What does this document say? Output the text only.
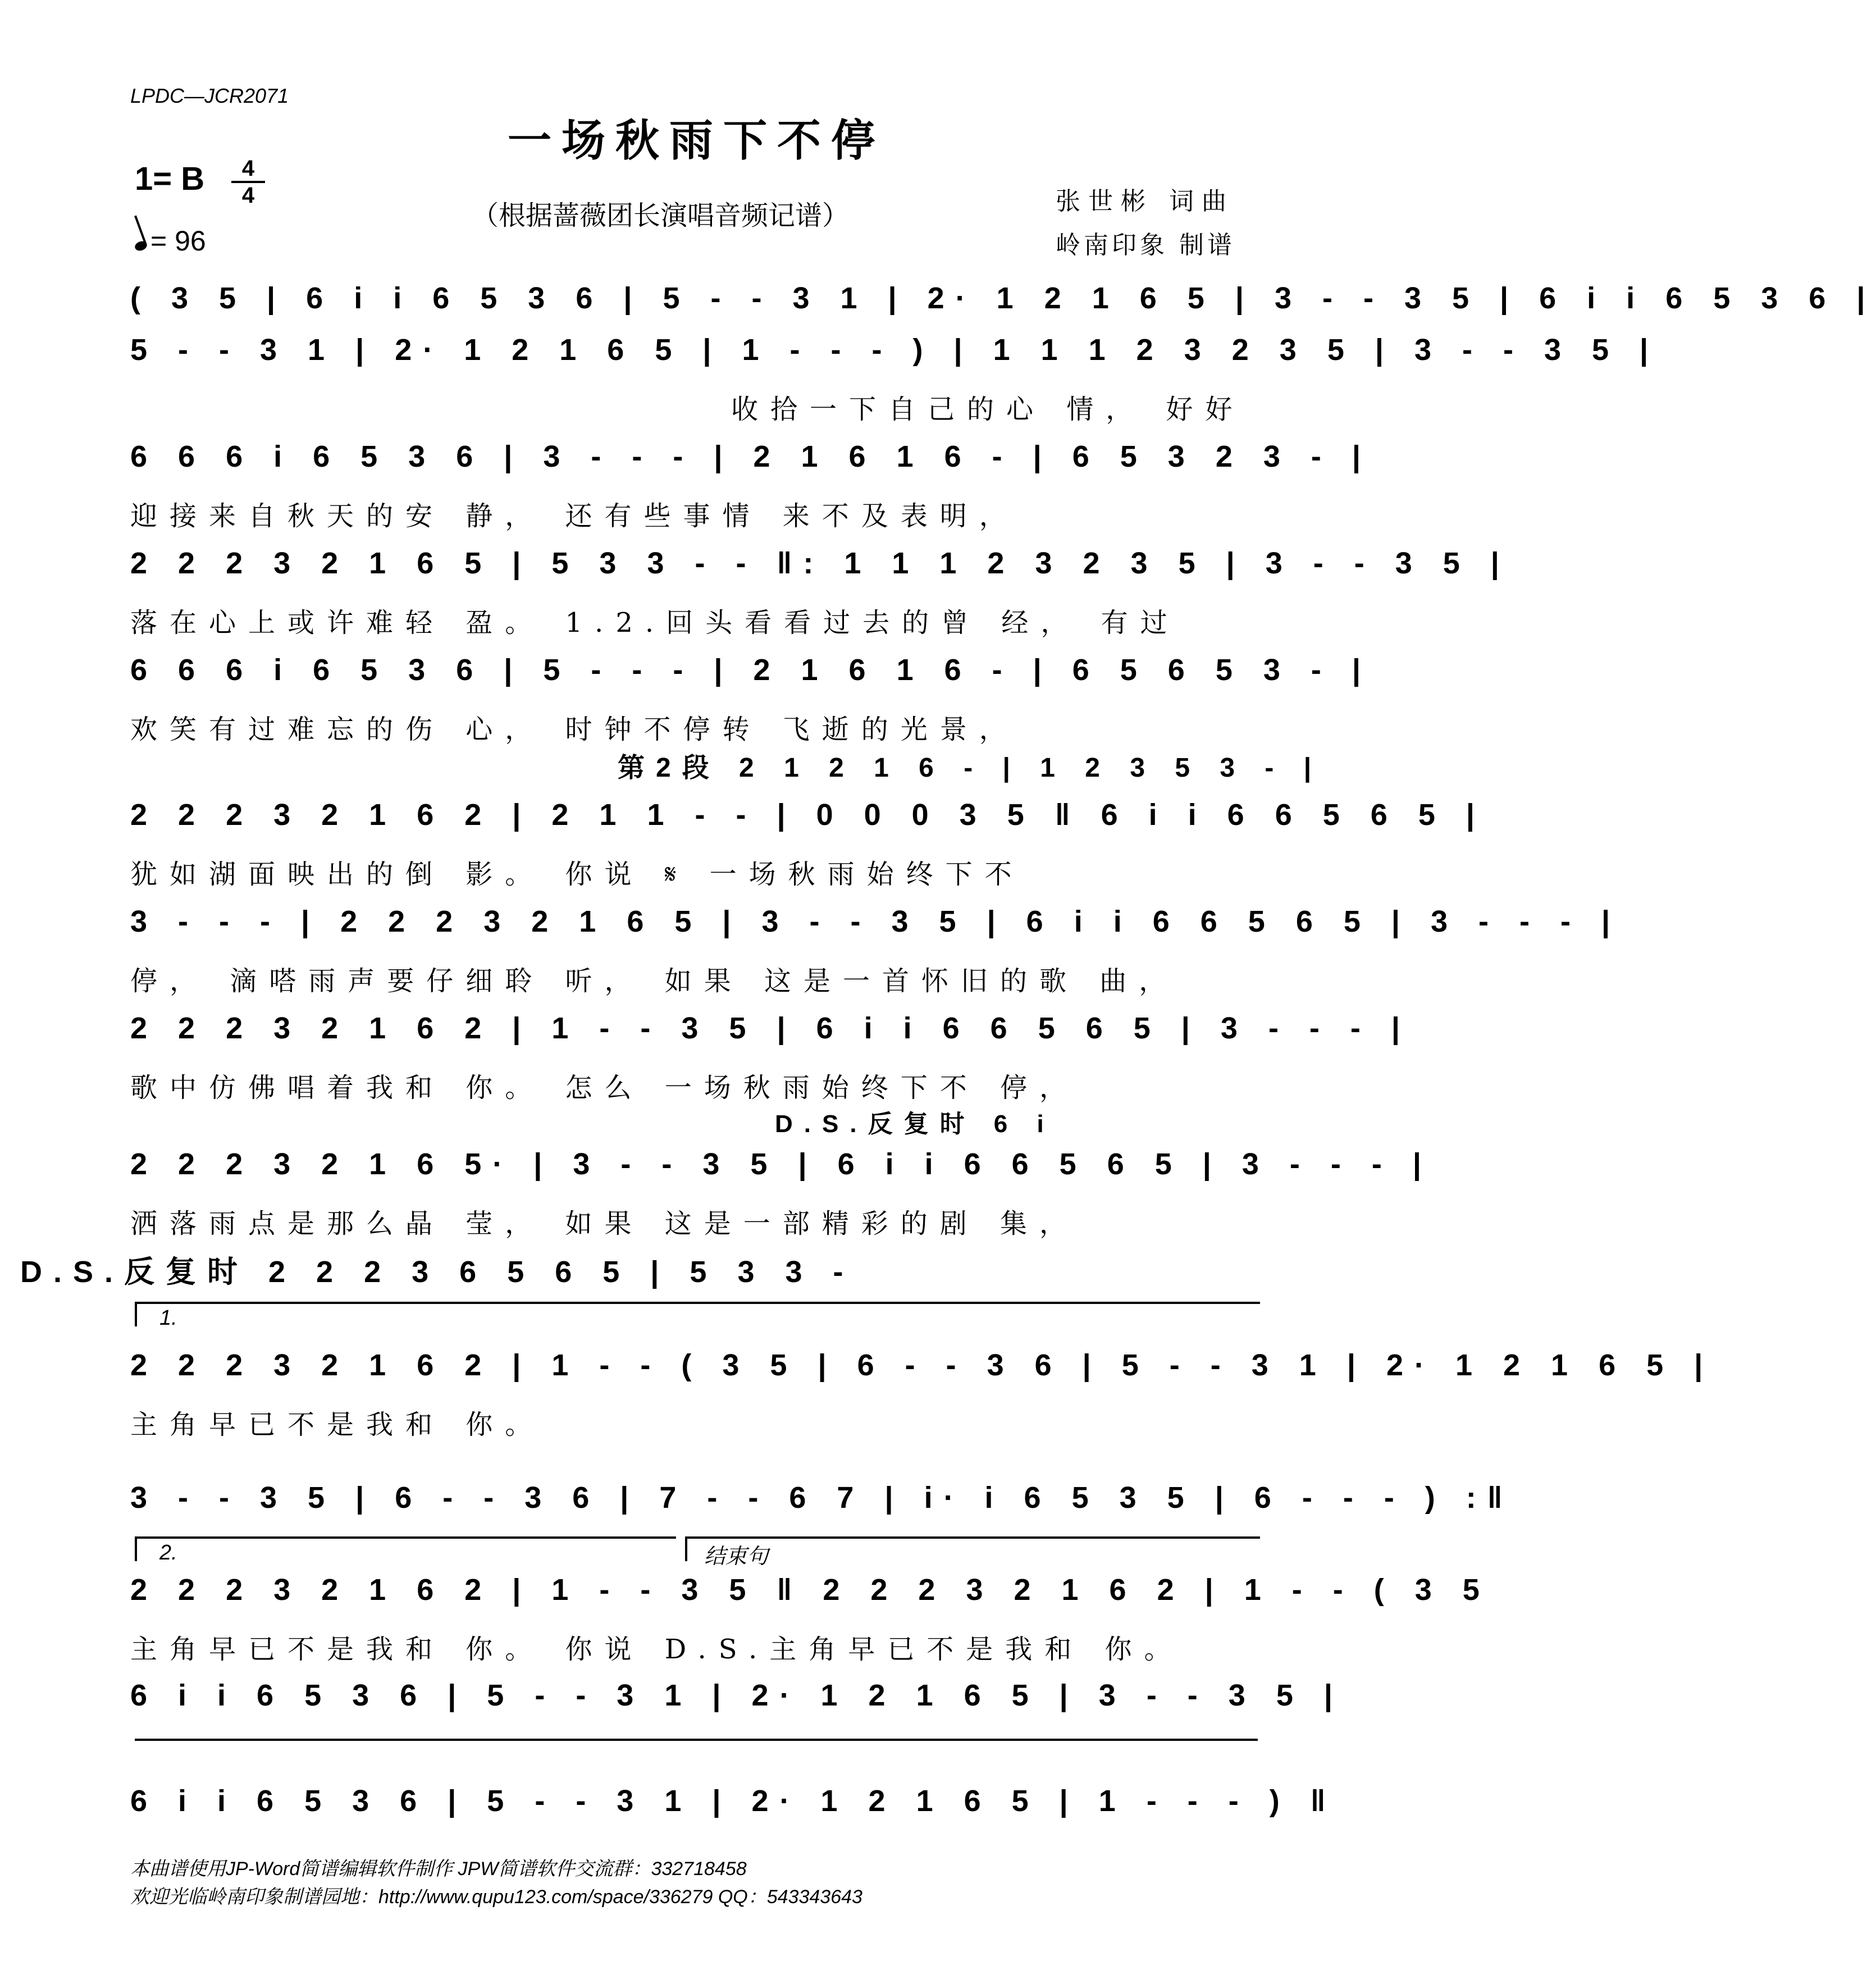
LPDC—JCR2071
一场秋雨下不停
1= B $\frac{4}{4}$
= 96
（根据蔷薇团长演唱音频记谱）	张世彬 词曲
岭南印象 制谱
( 3 5 | 6 i i 6 5 3 6 | 5 - - 3 1 | 2· 1 2 1 6 5 | 3 - - 3 5 | 6 i i 6 5 3 6 |
5 - - 3 1 | 2· 1 2 1 6 5 | 1 - - - ) | 1 1 1 2 3 2 3 5 | 3 - - 3 5 |
收拾一下自己的心 情， 好好
6 6 6 i 6 5 3 6 | 3 - - - | 2 1 6 1 6 - | 6 5 3 2 3 - |
迎接来自秋天的安 静， 还有些事情 来不及表明，
2 2 2 3 2 1 6 5 | 5 3 3 - - ‖: 1 1 1 2 3 2 3 5 | 3 - - 3 5 |
落在心上或许难轻 盈。 1.2.回头看看过去的曾 经， 有过
6 6 6 i 6 5 3 6 | 5 - - - | 2 1 6 1 6 - | 6 5 6 5 3 - |
欢笑有过难忘的伤 心， 时钟不停转 飞逝的光景，
第2段 2 1 2 1 6 - | 1 2 3 5 3 - |
2 2 2 3 2 1 6 2 | 2 1 1 - - | 0 0 0 3 5 ‖ 6 i i 6 6 5 6 5 |
犹如湖面映出的倒 影。 你说 𝄋 一场秋雨始终下不
3 - - - | 2 2 2 3 2 1 6 5 | 3 - - 3 5 | 6 i i 6 6 5 6 5 | 3 - - - |
停， 滴嗒雨声要仔细聆 听， 如果 这是一首怀旧的歌 曲，
2 2 2 3 2 1 6 2 | 1 - - 3 5 | 6 i i 6 6 5 6 5 | 3 - - - |
歌中仿佛唱着我和 你。 怎么 一场秋雨始终下不 停，
D.S.反复时 6 i
2 2 2 3 2 1 6 5· | 3 - - 3 5 | 6 i i 6 6 5 6 5 | 3 - - - |
洒落雨点是那么晶 莹， 如果 这是一部精彩的剧 集，
D.S.反复时 2 2 2 3 6 5 6 5 | 5 3 3 -
1.
2 2 2 3 2 1 6 2 | 1 - - ( 3 5 | 6 - - 3 6 | 5 - - 3 1 | 2· 1 2 1 6 5 |
主角早已不是我和 你。
3 - - 3 5 | 6 - - 3 6 | 7 - - 6 7 | i· i 6 5 3 5 | 6 - - - ) :‖
2.	结束句
2 2 2 3 2 1 6 2 | 1 - - 3 5 ‖ 2 2 2 3 2 1 6 2 | 1 - - ( 3 5
主角早已不是我和 你。 你说 D.S.主角早已不是我和 你。
6 i i 6 5 3 6 | 5 - - 3 1 | 2· 1 2 1 6 5 | 3 - - 3 5 |
6 i i 6 5 3 6 | 5 - - 3 1 | 2· 1 2 1 6 5 | 1 - - - ) ‖
本曲谱使用JP-Word简谱编辑软件制作 JPW简谱软件交流群：332718458
欢迎光临岭南印象制谱园地：http://www.qupu123.com/space/336279 QQ：543343643
